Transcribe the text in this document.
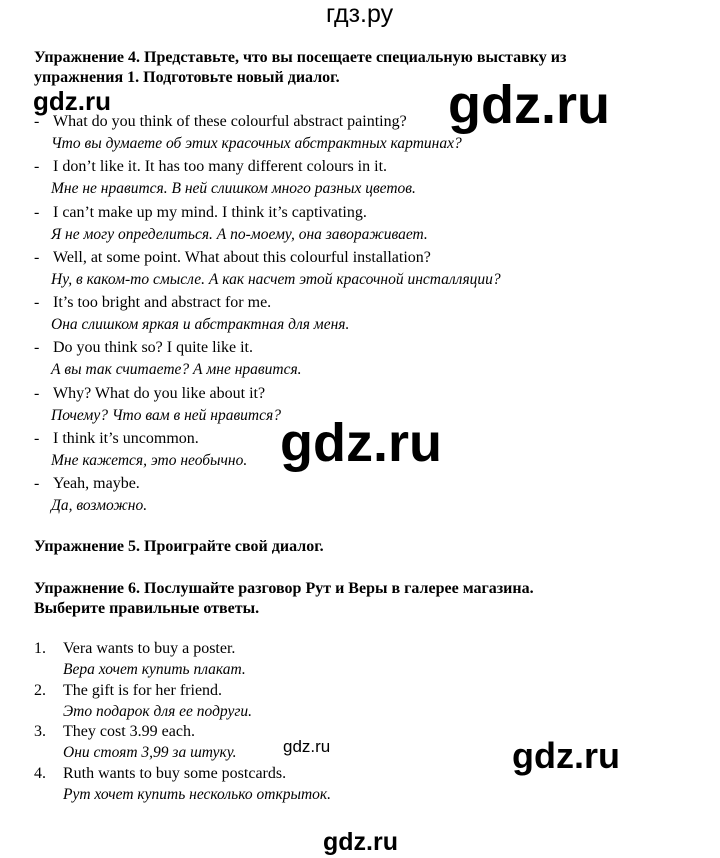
гдз.ру
gdz.ru	gdz.ru
gdz.ru
gdz.ru	gdz.ru
gdz.ru
Упражнение 4. Представьте, что вы посещаете специальную выставку из
упражнения 1. Подготовьте новый диалог.
- What do you think of these colourful abstract painting?
Что вы думаете об этих красочных абстрактных картинах?
- I don’t like it. It has too many different colours in it.
Мне не нравится. В ней слишком много разных цветов.
- I can’t make up my mind. I think it’s captivating.
Я не могу определиться. А по-моему, она завораживает.
- Well, at some point. What about this colourful installation?
Ну, в каком-то смысле. А как насчет этой красочной инсталляции?
- It’s too bright and abstract for me.
Она слишком яркая и абстрактная для меня.
- Do you think so? I quite like it.
А вы так считаете? А мне нравится.
- Why? What do you like about it?
Почему? Что вам в ней нравится?
- I think it’s uncommon.
Мне кажется, это необычно.
- Yeah, maybe.
Да, возможно.
Упражнение 5. Проиграйте свой диалог.
Упражнение 6. Послушайте разговор Рут и Веры в галерее магазина.
Выберите правильные ответы.
1. Vera wants to buy a poster.
Вера хочет купить плакат.
2. The gift is for her friend.
Это подарок для ее подруги.
3. They cost 3.99 each.
Они стоят 3,99 за штуку.
4. Ruth wants to buy some postcards.
Рут хочет купить несколько открыток.
